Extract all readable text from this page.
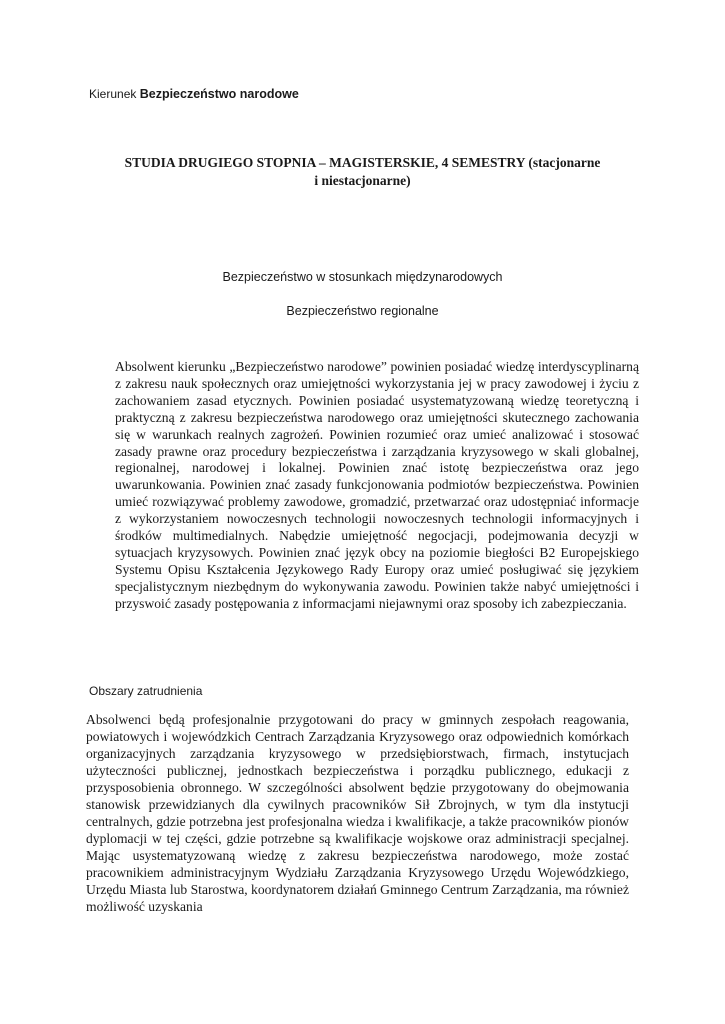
Kierunek Bezpieczeństwo narodowe
STUDIA DRUGIEGO STOPNIA – MAGISTERSKIE, 4 SEMESTRY (stacjonarne
i niestacjonarne)
Bezpieczeństwo w stosunkach międzynarodowych
Bezpieczeństwo regionalne

Absolwent kierunku „Bezpieczeństwo narodowe” powinien posiadać wiedzę interdyscyplinarną z zakresu nauk społecznych oraz umiejętności wykorzystania jej w pracy zawodowej i życiu z zachowaniem zasad etycznych. Powinien posiadać usystematyzowaną wiedzę teoretyczną i praktyczną z zakresu bezpieczeństwa narodowego oraz umiejętności skutecznego zachowania się w warunkach realnych zagrożeń. Powinien rozumieć oraz umieć analizować i stosować zasady prawne oraz procedury bezpieczeństwa i zarządzania kryzysowego w skali globalnej, regionalnej, narodowej i lokalnej. Powinien znać istotę bezpieczeństwa oraz jego uwarunkowania. Powinien znać zasady funkcjonowania podmiotów bezpieczeństwa. Powinien umieć rozwiązywać problemy zawodowe, gromadzić, przetwarzać oraz udostępniać informacje z wykorzystaniem nowoczesnych technologii nowoczesnych technologii informacyjnych i środków multimedialnych. Nabędzie umiejętność negocjacji, podejmowania decyzji w sytuacjach kryzysowych. Powinien znać język obcy na poziomie biegłości B2 Europejskiego Systemu Opisu Kształcenia Językowego Rady Europy oraz umieć posługiwać się językiem specjalistycznym niezbędnym do wykonywania zawodu. Powinien także nabyć umiejętności i przyswoić zasady postępowania z informacjami niejawnymi oraz sposoby ich zabezpieczania.

Obszary zatrudnienia

Absolwenci będą profesjonalnie przygotowani do pracy w gminnych zespołach reagowania, powiatowych i wojewódzkich Centrach Zarządzania Kryzysowego oraz odpowiednich komórkach organizacyjnych zarządzania kryzysowego w przedsiębiorstwach, firmach, instytucjach użyteczności publicznej, jednostkach bezpieczeństwa i porządku publicznego, edukacji z przysposobienia obronnego. W szczególności absolwent będzie przygotowany do obejmowania stanowisk przewidzianych dla cywilnych pracowników Sił Zbrojnych, w tym dla instytucji centralnych, gdzie potrzebna jest profesjonalna wiedza i kwalifikacje, a także pracowników pionów dyplomacji w tej części, gdzie potrzebne są kwalifikacje wojskowe oraz administracji specjalnej. Mając usystematyzowaną wiedzę z zakresu bezpieczeństwa narodowego, może zostać pracownikiem administracyjnym Wydziału Zarządzania Kryzysowego Urzędu Wojewódzkiego, Urzędu Miasta lub Starostwa, koordynatorem działań Gminnego Centrum Zarządzania, ma również możliwość uzyskania
